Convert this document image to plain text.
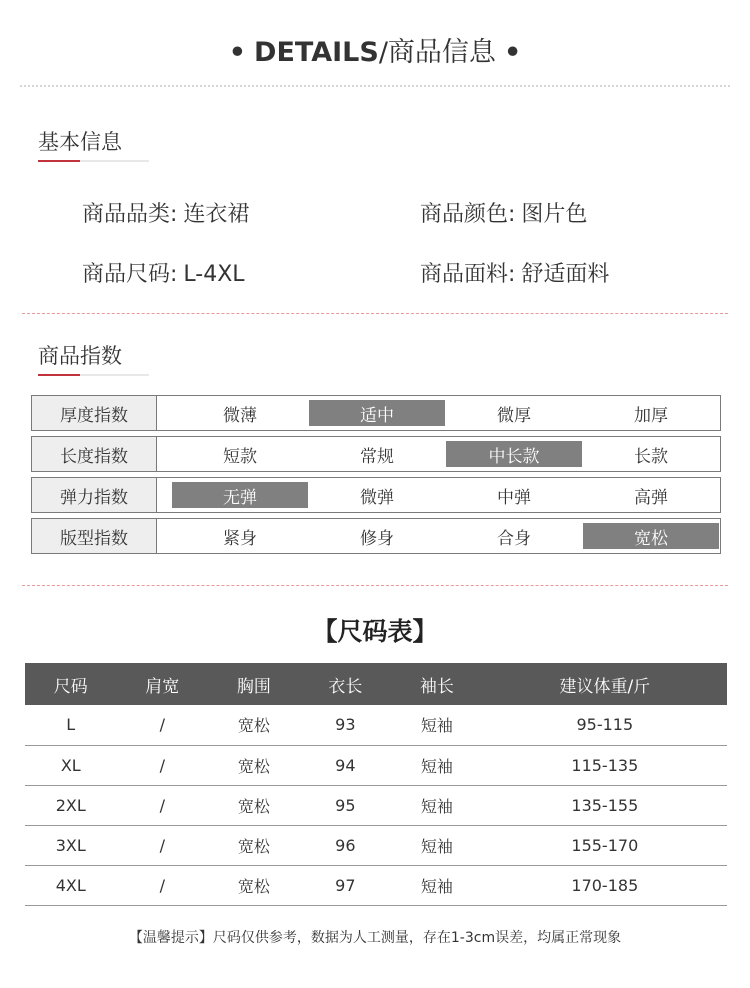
• DETAILS/商品信息 •
基本信息
商品品类: 连衣裙	商品颜色: 图片色
商品尺码: L-4XL	商品面料: 舒适面料
商品指数
厚度指数	微薄	适中	微厚	加厚
长度指数	短款	常规	中长款	长款
弹力指数	无弹	微弹	中弹	高弹
版型指数	紧身	修身	合身	宽松
【尺码表】
尺码	肩宽	胸围	衣长	袖长	建议体重/斤
L	/	宽松	93	短袖	95-115
XL	/	宽松	94	短袖	115-135
2XL	/	宽松	95	短袖	135-155
3XL	/	宽松	96	短袖	155-170
4XL	/	宽松	97	短袖	170-185
【温馨提示】尺码仅供参考，数据为人工测量，存在1-3cm误差，均属正常现象
